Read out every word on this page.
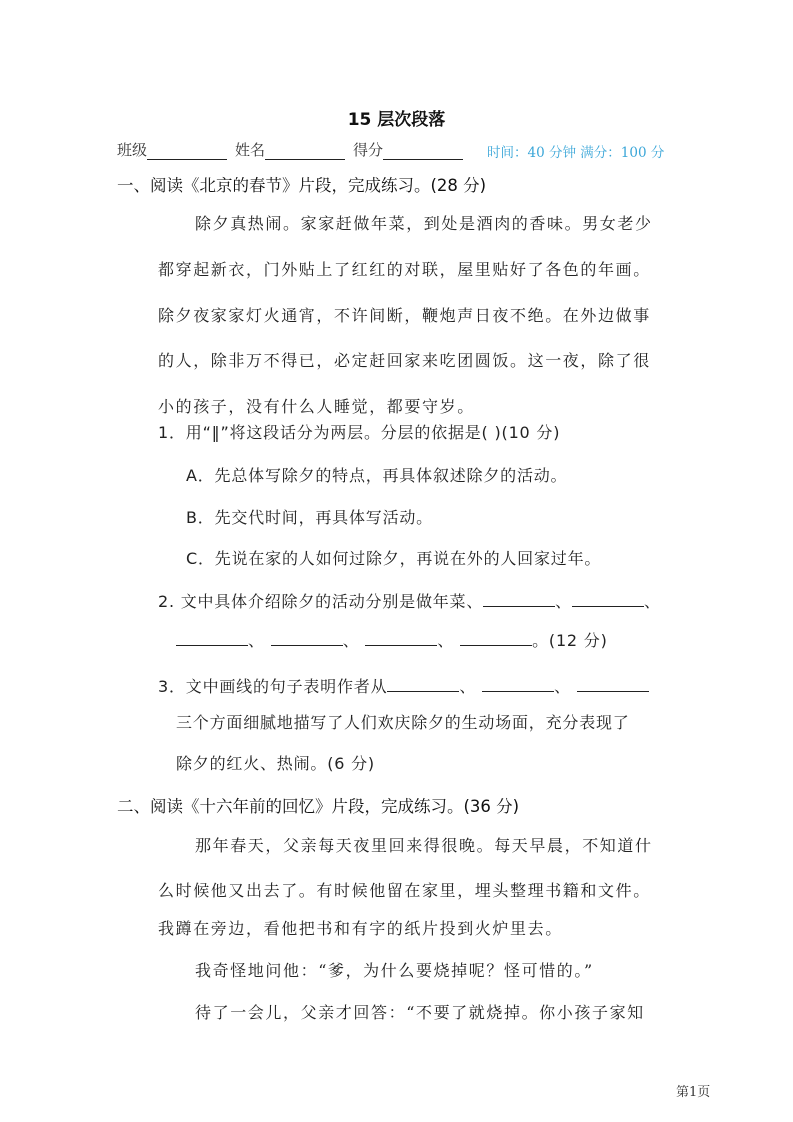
15 层次段落
班级	姓名	得分	时间：40 分钟 满分：100 分
一、阅读《北京的春节》片段，完成练习。(28 分)
除夕真热闹。家家赶做年菜，到处是酒肉的香味。男女老少
都穿起新衣，门外贴上了红红的对联，屋里贴好了各色的年画。
除夕夜家家灯火通宵，不许间断，鞭炮声日夜不绝。在外边做事
的人，除非万不得已，必定赶回家来吃团圆饭。这一夜，除了很
小的孩子，没有什么人睡觉，都要守岁。
1．用“‖”将这段话分为两层。分层的依据是( )(10 分)
A．先总体写除夕的特点，再具体叙述除夕的活动。
B．先交代时间，再具体写活动。
C．先说在家的人如何过除夕，再说在外的人回家过年。
2. 文中具体介绍除夕的活动分别是做年菜、	、	、
、	、	、	。(12 分)
3．文中画线的句子表明作者从	、	、
三个方面细腻地描写了人们欢庆除夕的生动场面，充分表现了
除夕的红火、热闹。(6 分)
二、阅读《十六年前的回忆》片段，完成练习。(36 分)
那年春天，父亲每天夜里回来得很晚。每天早晨，不知道什
么时候他又出去了。有时候他留在家里，埋头整理书籍和文件。
我蹲在旁边，看他把书和有字的纸片投到火炉里去。
我奇怪地问他：“爹，为什么要烧掉呢？怪可惜的。”
待了一会儿，父亲才回答：“不要了就烧掉。你小孩子家知
第1页
